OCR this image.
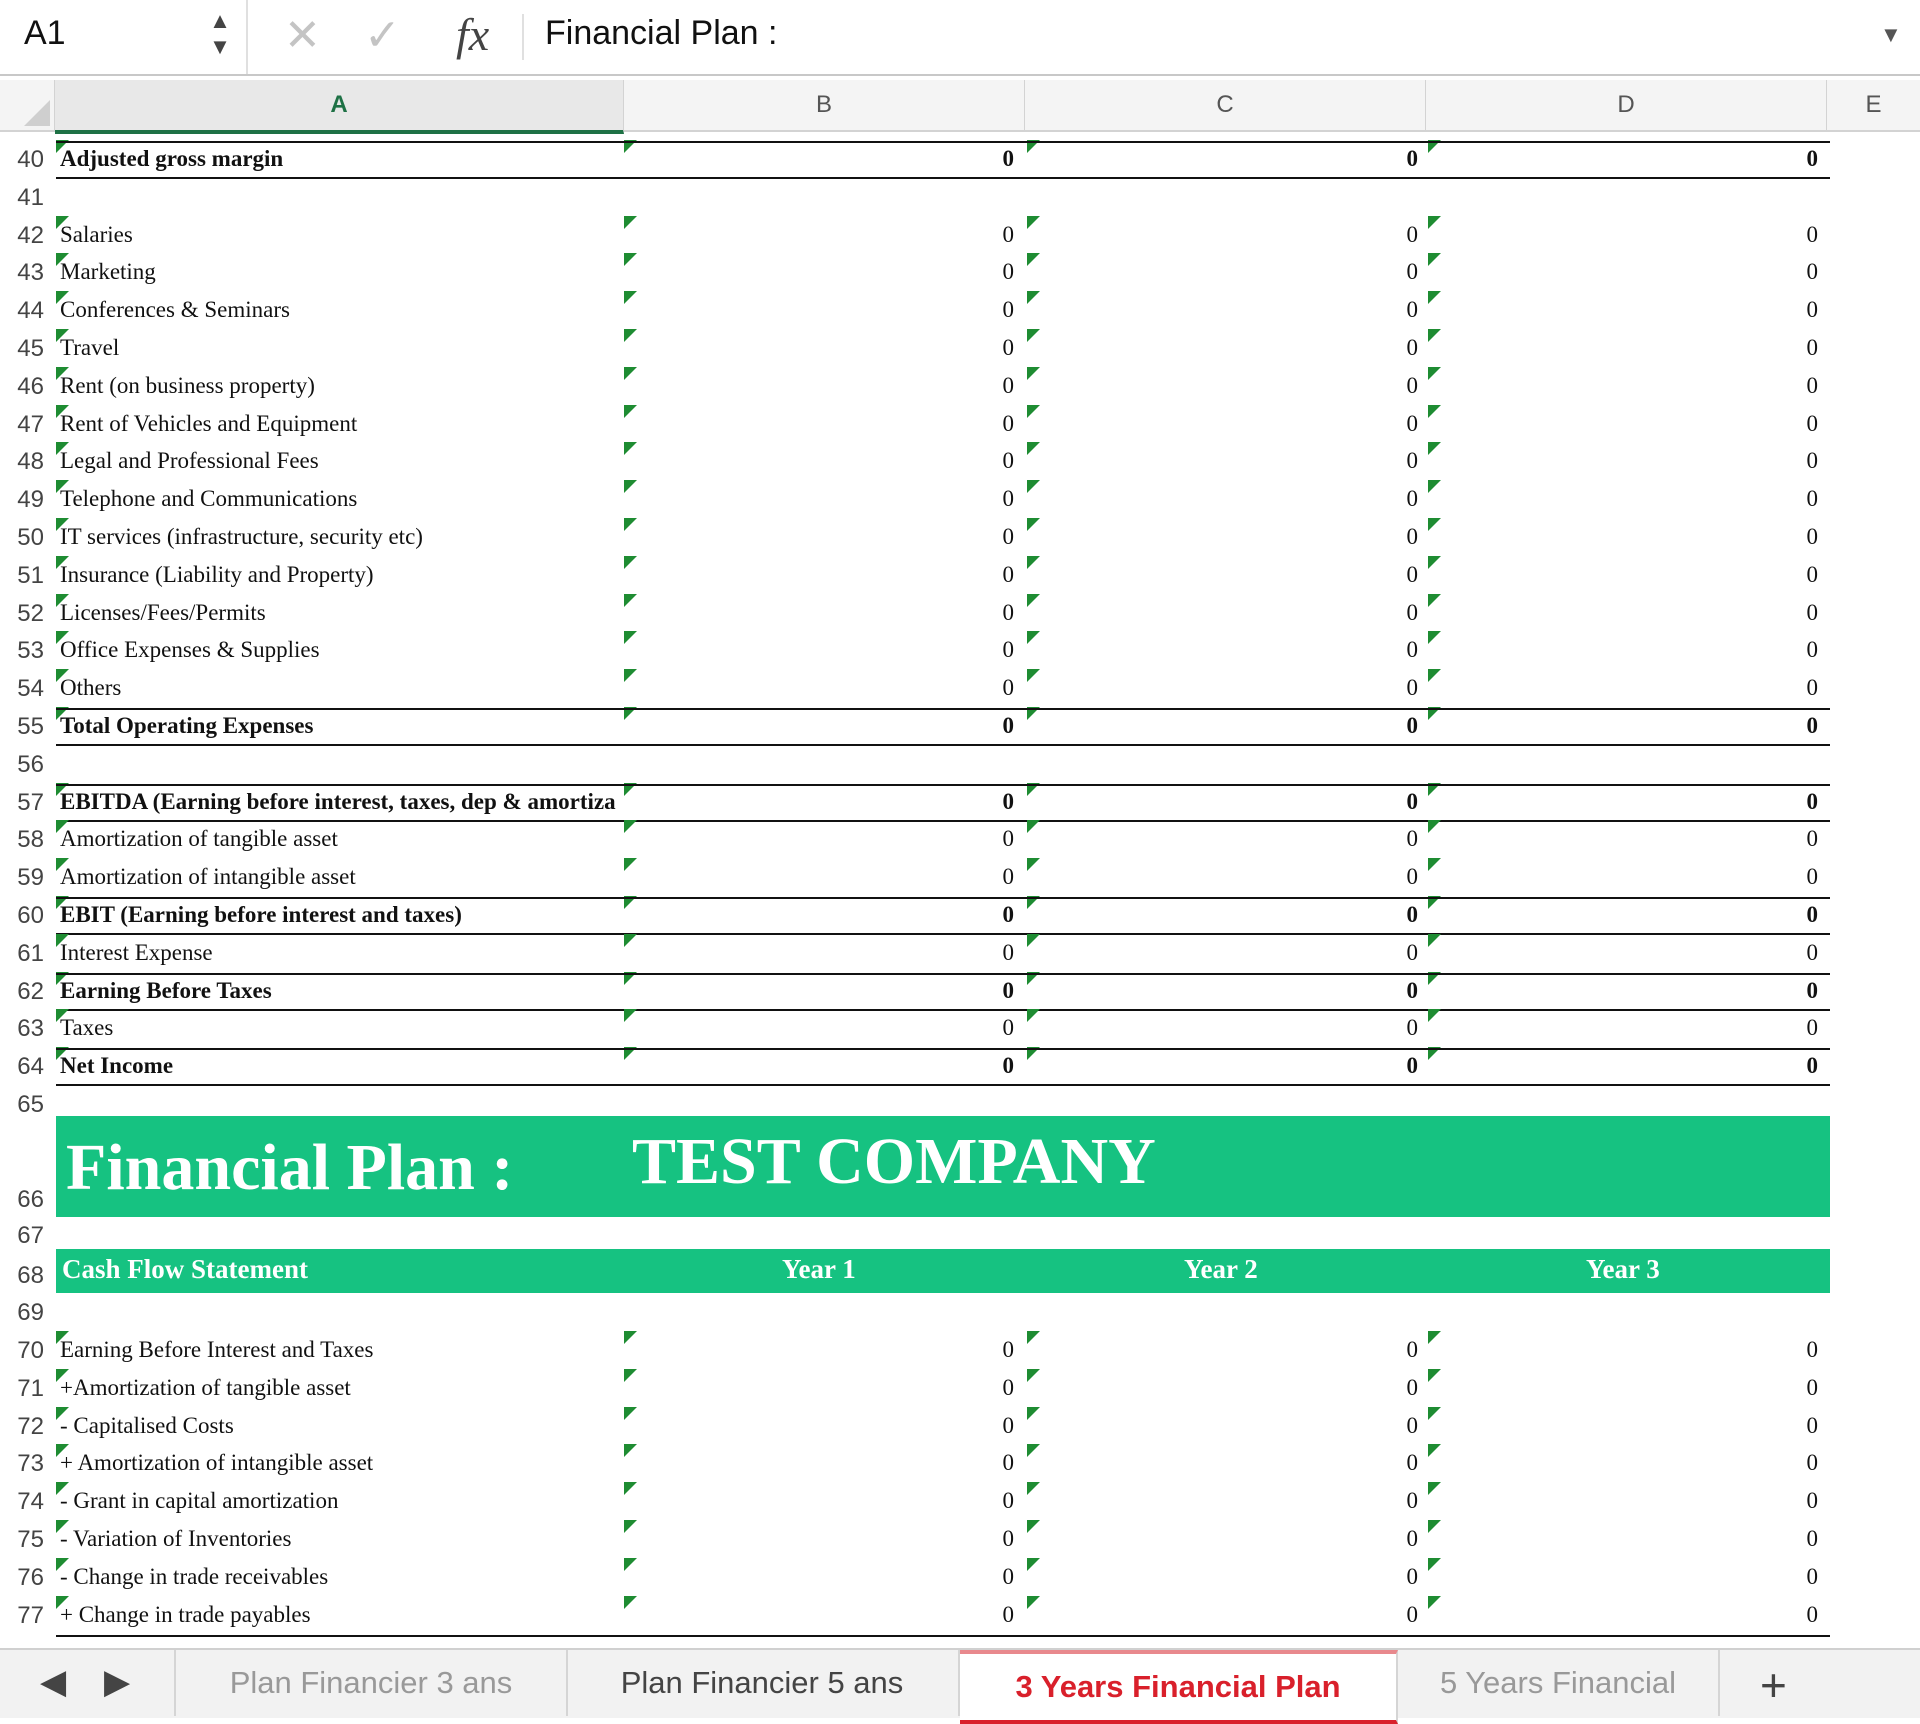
A1	▲
▼ ✕ ✓ fx Financial Plan :	▼
A	B	C	D	E
40 Adjusted gross margin	0	0	0
41
42 Salaries	0	0	0
43 Marketing	0	0	0
44 Conferences & Seminars	0	0	0
45 Travel	0	0	0
46 Rent (on business property)	0	0	0
47 Rent of Vehicles and Equipment	0	0	0
48 Legal and Professional Fees	0	0	0
49 Telephone and Communications	0	0	0
50 IT services (infrastructure, security etc)	0	0	0
51 Insurance (Liability and Property)	0	0	0
52 Licenses/Fees/Permits	0	0	0
53 Office Expenses & Supplies	0	0	0
54 Others	0	0	0
55 Total Operating Expenses	0	0	0
56
57 EBITDA (Earning before interest, taxes, dep & amortiza	0	0	0
58 Amortization of tangible asset	0	0	0
59 Amortization of intangible asset	0	0	0
60 EBIT (Earning before interest and taxes)	0	0	0
61 Interest Expense	0	0	0
62 Earning Before Taxes	0	0	0
63 Taxes	0	0	0
64 Net Income	0	0	0
65
66 Financial Plan : TEST COMPANY
67
68 Cash Flow Statement	Year 1	Year 2	Year 3
69
70 Earning Before Interest and Taxes	0	0	0
71 +Amortization of tangible asset	0	0	0
72 - Capitalised Costs	0	0	0
73 + Amortization of intangible asset	0	0	0
74 - Grant in capital amortization	0	0	0
75 - Variation of Inventories	0	0	0
76 - Change in trade receivables	0	0	0
77 + Change in trade payables	0	0	0
◀ ▶	Plan Financier 3 ans	Plan Financier 5 ans	3 Years Financial Plan	5 Years Financial	+
